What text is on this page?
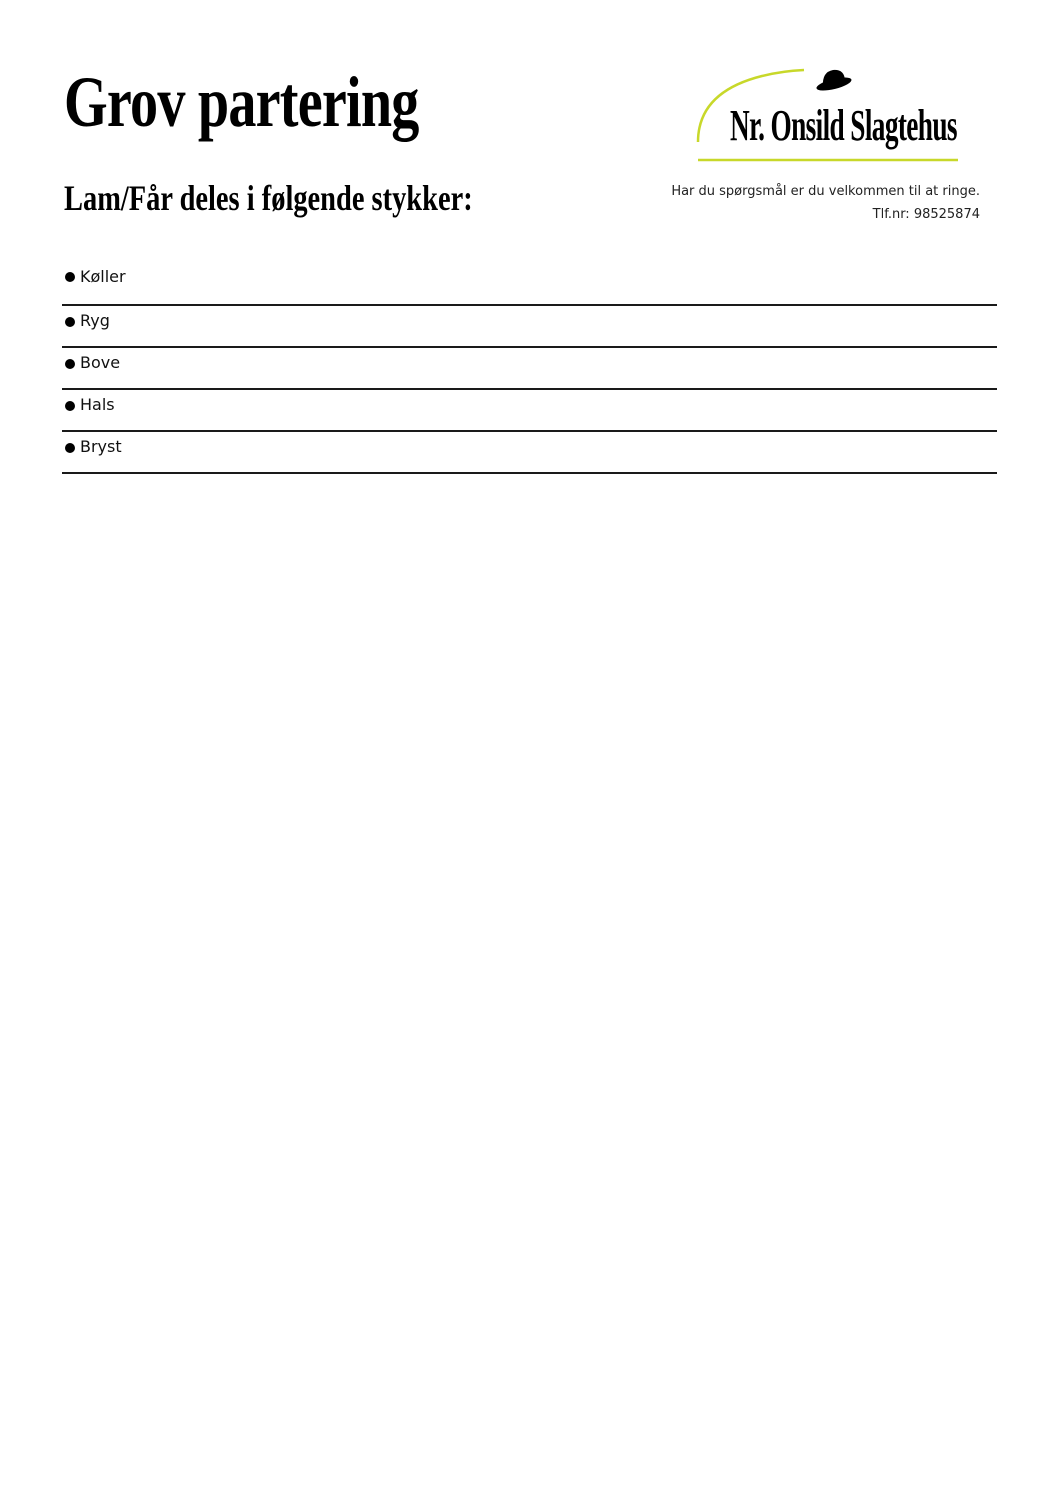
Grov partering
Lam/Får deles i følgende stykker:
Nr. Onsild Slagtehus
Har du spørgsmål er du velkommen til at ringe.
Tlf.nr: 98525874
Køller
Ryg
Bove
Hals
Bryst
